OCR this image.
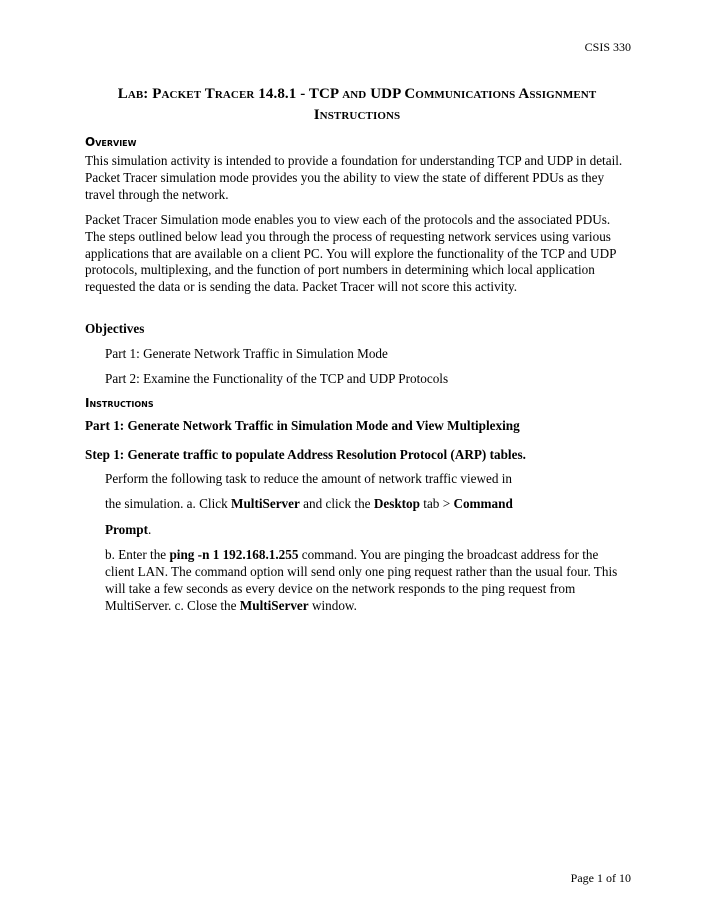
CSIS 330
Lab: Packet Tracer 14.8.1 - TCP and UDP Communications Assignment
Instructions
Overview
This simulation activity is intended to provide a foundation for understanding TCP and UDP in detail. Packet Tracer simulation mode provides you the ability to view the state of different PDUs as they travel through the network.
Packet Tracer Simulation mode enables you to view each of the protocols and the associated PDUs. The steps outlined below lead you through the process of requesting network services using various applications that are available on a client PC. You will explore the functionality of the TCP and UDP protocols, multiplexing, and the function of port numbers in determining which local application requested the data or is sending the data. Packet Tracer will not score this activity.
Objectives
Part 1: Generate Network Traffic in Simulation Mode
Part 2: Examine the Functionality of the TCP and UDP Protocols
Instructions
Part 1: Generate Network Traffic in Simulation Mode and View Multiplexing
Step 1: Generate traffic to populate Address Resolution Protocol (ARP) tables.
Perform the following task to reduce the amount of network traffic viewed in
the simulation. a. Click MultiServer and click the Desktop tab > Command
Prompt.
b. Enter the ping -n 1 192.168.1.255 command. You are pinging the broadcast address for the client LAN. The command option will send only one ping request rather than the usual four. This will take a few seconds as every device on the network responds to the ping request from MultiServer. c. Close the MultiServer window.
Page 1 of 10
